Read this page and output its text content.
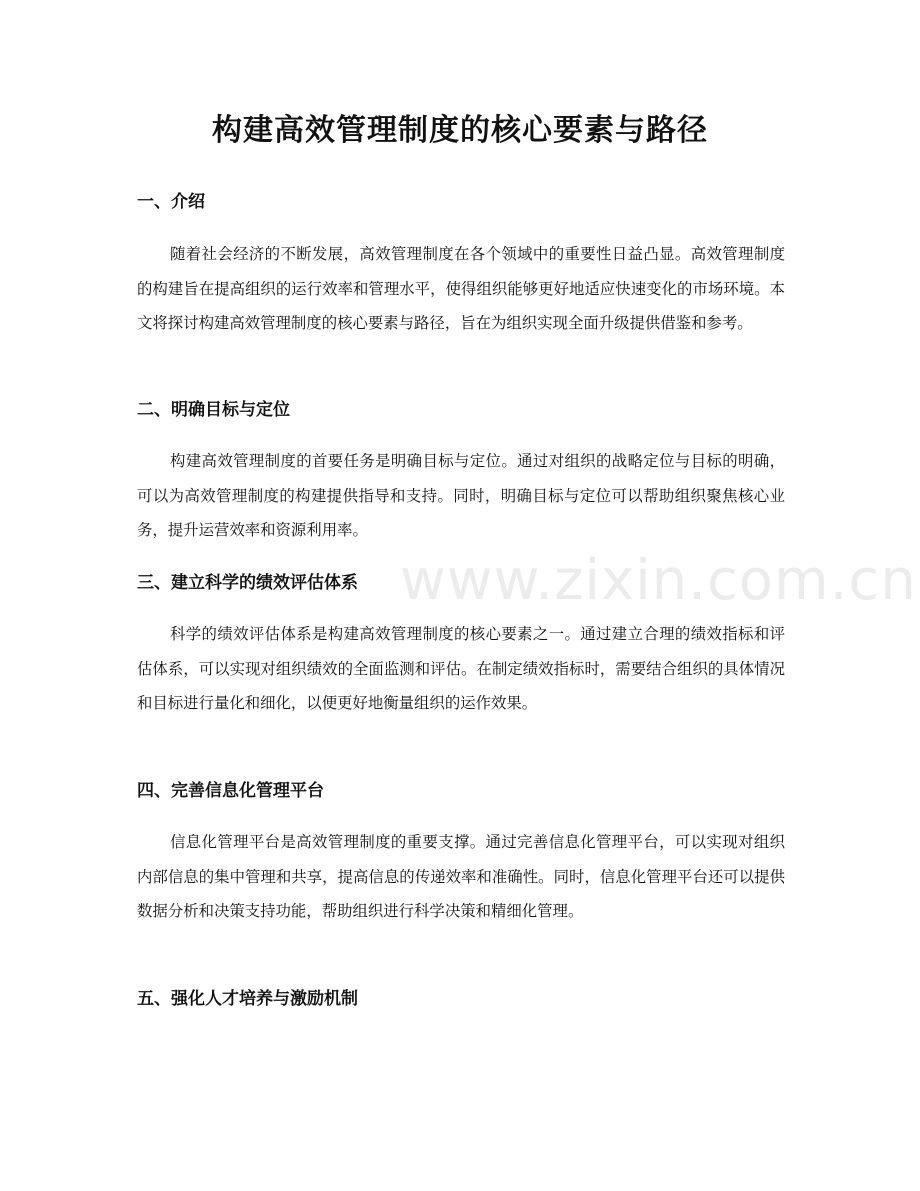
构建高效管理制度的核心要素与路径
一、介绍

随着社会经济的不断发展，高效管理制度在各个领域中的重要性日益凸显。高效管理制度的构建旨在提高组织的运行效率和管理水平，使得组织能够更好地适应快速变化的市场环境。本文将探讨构建高效管理制度的核心要素与路径，旨在为组织实现全面升级提供借鉴和参考。

二、明确目标与定位

构建高效管理制度的首要任务是明确目标与定位。通过对组织的战略定位与目标的明确，可以为高效管理制度的构建提供指导和支持。同时，明确目标与定位可以帮助组织聚焦核心业务，提升运营效率和资源利用率。

三、建立科学的绩效评估体系

科学的绩效评估体系是构建高效管理制度的核心要素之一。通过建立合理的绩效指标和评估体系，可以实现对组织绩效的全面监测和评估。在制定绩效指标时，需要结合组织的具体情况和目标进行量化和细化，以便更好地衡量组织的运作效果。

四、完善信息化管理平台

信息化管理平台是高效管理制度的重要支撑。通过完善信息化管理平台，可以实现对组织内部信息的集中管理和共享，提高信息的传递效率和准确性。同时，信息化管理平台还可以提供数据分析和决策支持功能，帮助组织进行科学决策和精细化管理。

五、强化人才培养与激励机制
www.zixin.com.cn
